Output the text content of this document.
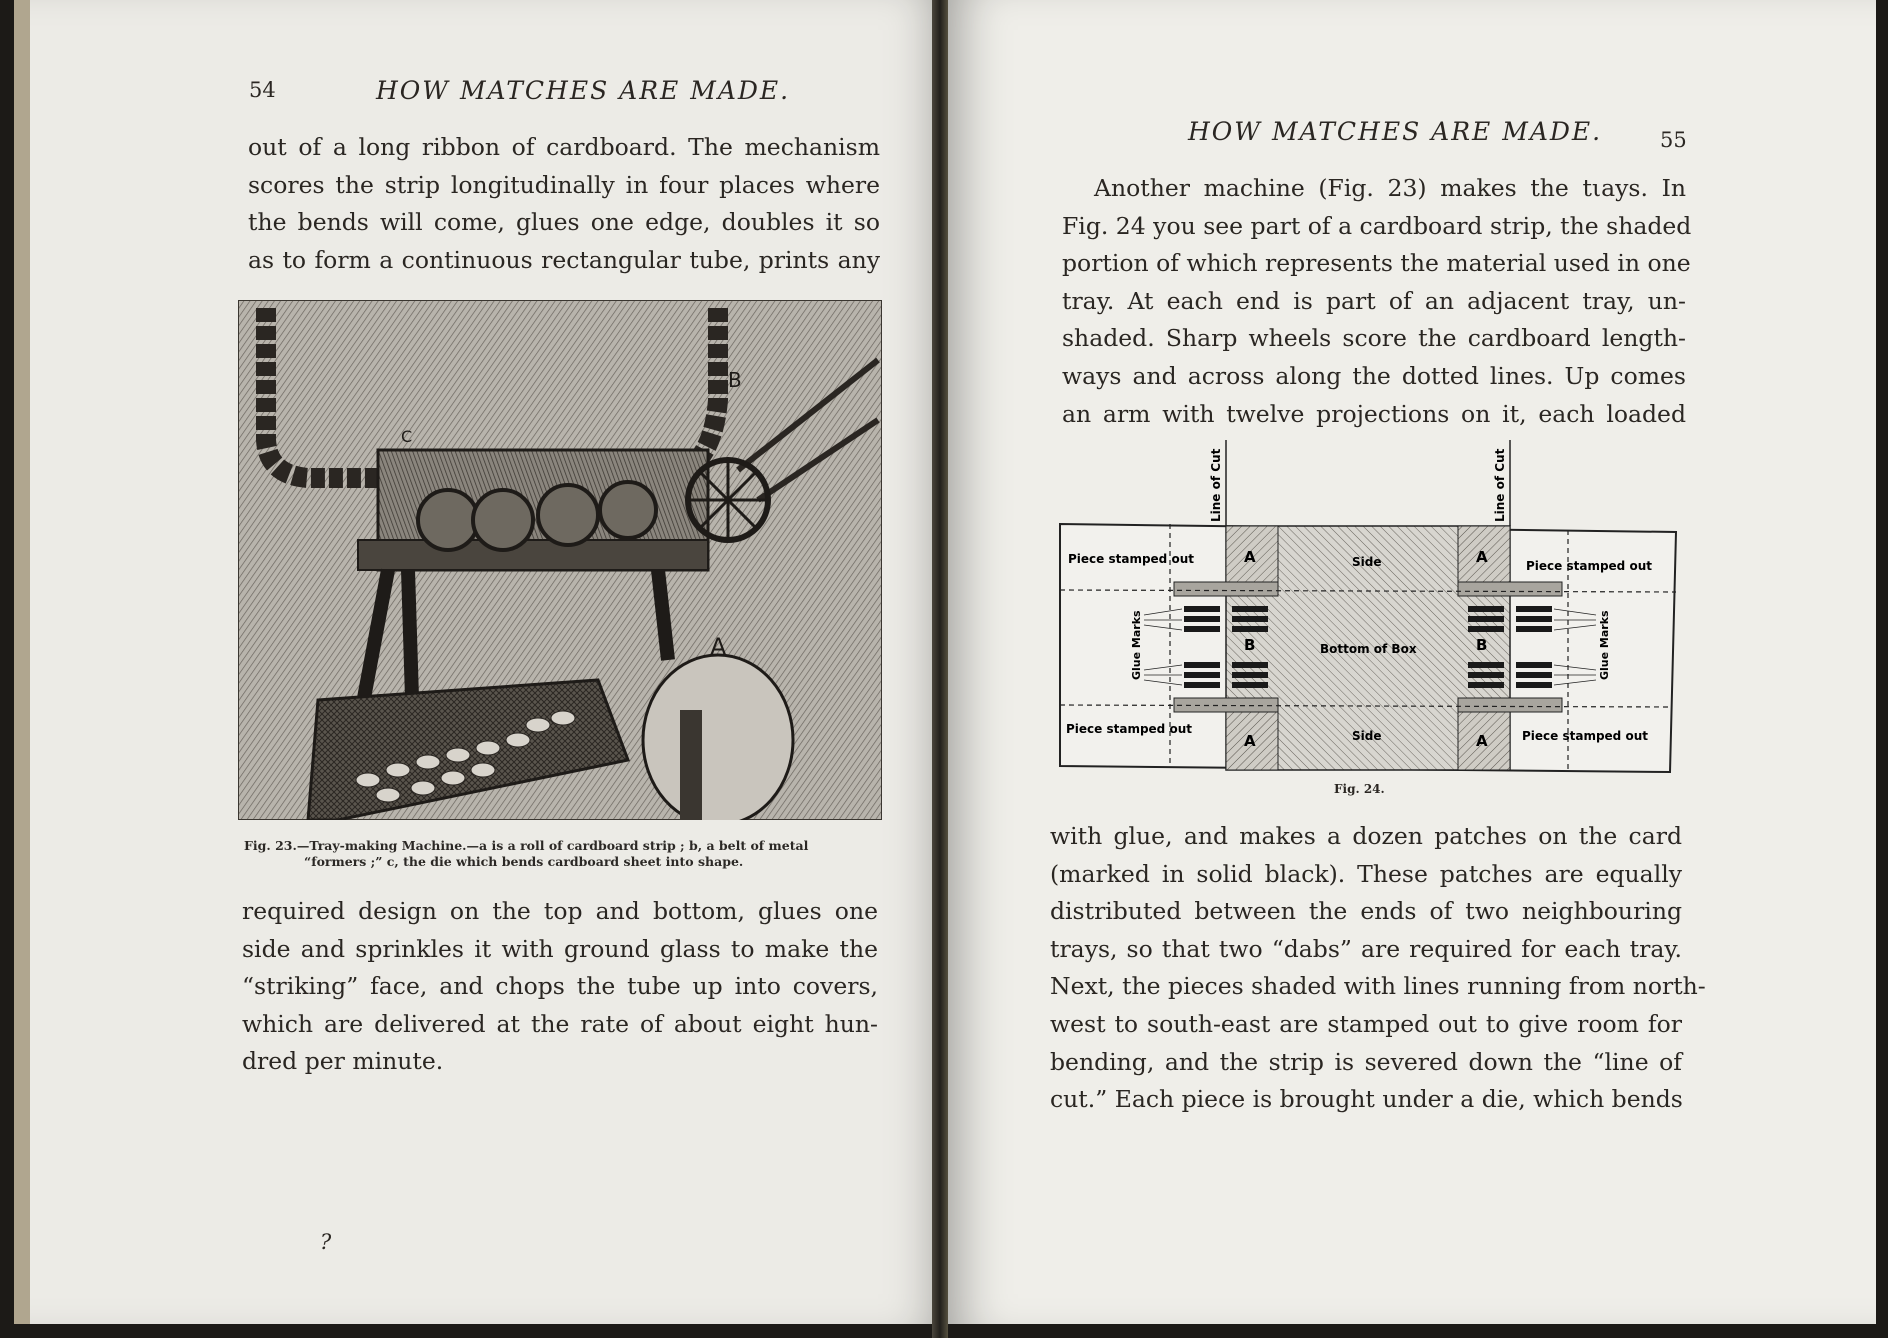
54	HOW MATCHES ARE MADE.
out of a long ribbon of cardboard. The mechanism
scores the strip longitudinally in four places where
the bends will come, glues one edge, doubles it so
as to form a continuous rectangular tube, prints any
A
B
C
Fig. 23.—Tray-making Machine.—a is a roll of cardboard strip ; b, a belt of metal
“formers ;” c, the die which bends cardboard sheet into shape.
required design on the top and bottom, glues one
side and sprinkles it with ground glass to make the
“striking” face, and chops the tube up into covers,
which are delivered at the rate of about eight hun-
dred per minute.
?
HOW MATCHES ARE MADE.	55
Another machine (Fig. 23) makes the tιays. In
Fig. 24 you see part of a cardboard strip, the shaded
portion of which represents the material used in one
tray. At each end is part of an adjacent tray, un-
shaded. Sharp wheels score the cardboard length-
ways and across along the dotted lines. Up comes
an arm with twelve projections on it, each loaded
Line of Cut	Line of Cut
Piece stamped out	Piece stamped out
Piece stamped out	Piece stamped out
Side
Side
Bottom of Box
A	A
A	A
B	B
Glue Marks	Glue Marks
Fig. 24.
with glue, and makes a dozen patches on the card
(marked in solid black). These patches are equally
distributed between the ends of two neighbouring
trays, so that two “dabs” are required for each tray.
Next, the pieces shaded with lines running from north-
west to south-east are stamped out to give room for
bending, and the strip is severed down the “line of
cut.” Each piece is brought under a die, which bends
